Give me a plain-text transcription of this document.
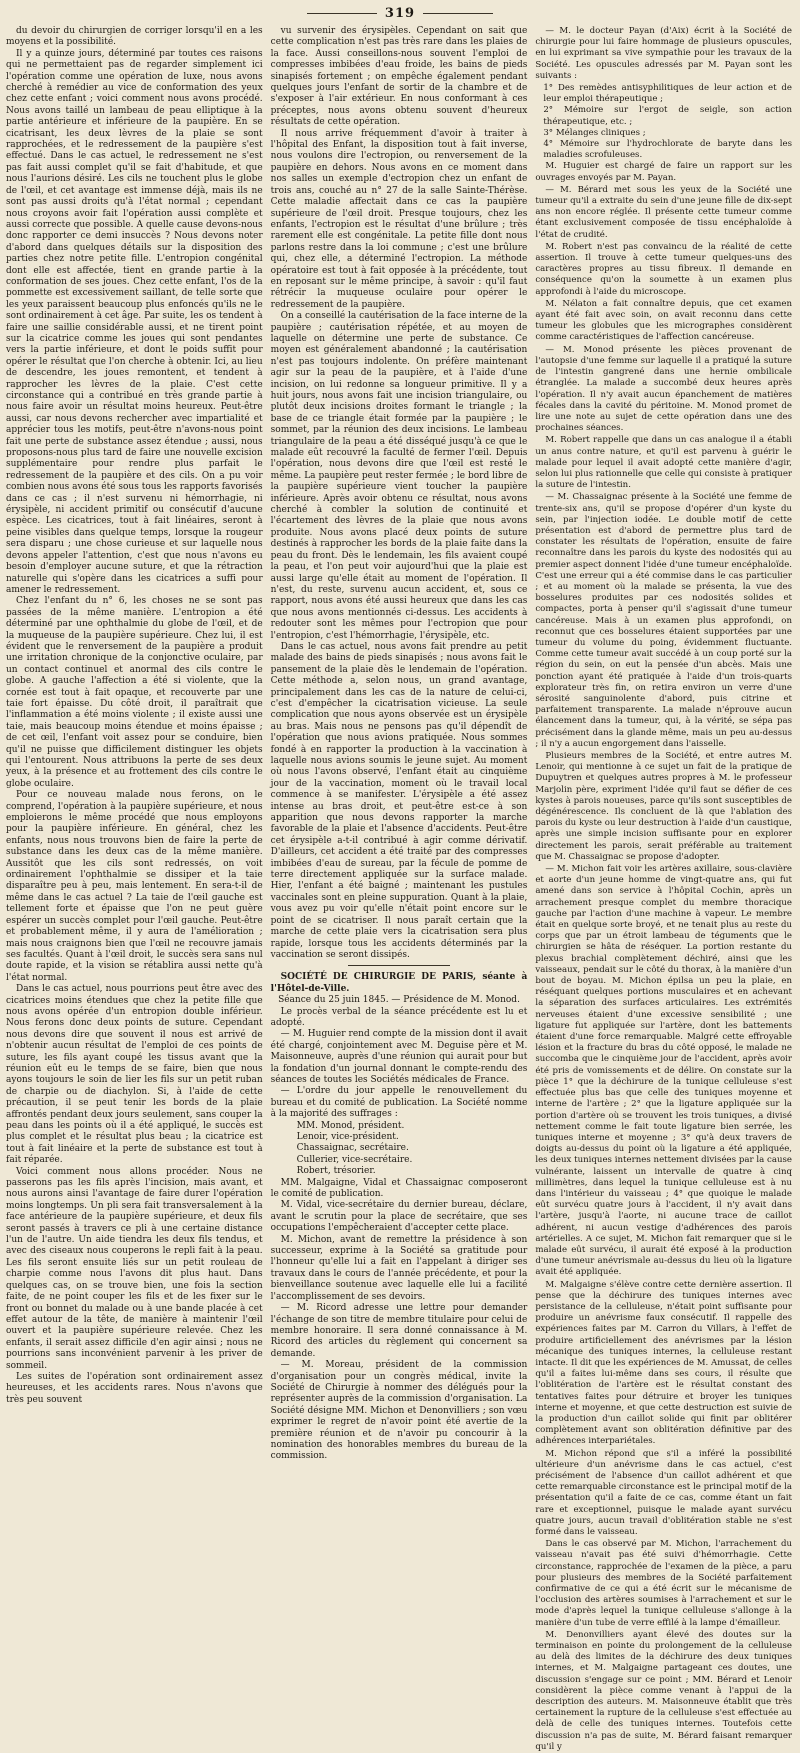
319

du devoir du chirurgien de corriger lorsqu'il en a les moyens et la possibilité.

Il y a quinze jours, déterminé par toutes ces raisons qui ne permettaient pas de regarder simplement ici l'opération comme une opération de luxe, nous avons cherché à remédier au vice de conformation des yeux chez cette enfant ; voici comment nous avons procédé. Nous avons taillé un lambeau de peau elliptique à la partie antérieure et inférieure de la paupière. En se cicatrisant, les deux lèvres de la plaie se sont rapprochées, et le redressement de la paupière s'est effectué. Dans le cas actuel, le redressement ne s'est pas fait aussi complet qu'il se fait d'habitude, et que nous l'aurions désiré. Les cils ne touchent plus le globe de l'œil, et cet avantage est immense déjà, mais ils ne sont pas aussi droits qu'à l'état normal ; cependant nous croyons avoir fait l'opération aussi complète et aussi correcte que possible. A quelle cause devons-nous donc rapporter ce demi insuccès ? Nous devons noter d'abord dans quelques détails sur la disposition des parties chez notre petite fille. L'entropion congénital dont elle est affectée, tient en grande partie à la conformation de ses joues. Chez cette enfant, l'os de la pommette est excessivement saillant, de telle sorte que les yeux paraissent beaucoup plus enfoncés qu'ils ne le sont ordinairement à cet âge. Par suite, les os tendent à faire une saillie considérable aussi, et ne tirent point sur la cicatrice comme les joues qui sont pendantes vers la partie inférieure, et dont le poids suffit pour opérer le résultat que l'on cherche à obtenir. Ici, au lieu de descendre, les joues remontent, et tendent à rapprocher les lèvres de la plaie. C'est cette circonstance qui a contribué en très grande partie à nous faire avoir un résultat moins heureux. Peut-être aussi, car nous devons rechercher avec impartialité et apprécier tous les motifs, peut-être n'avons-nous point fait une perte de substance assez étendue ; aussi, nous proposons-nous plus tard de faire une nouvelle excision supplémentaire pour rendre plus parfait le redressement de la paupière et des cils. On a pu voir combien nous avons été sous tous les rapports favorisés dans ce cas ; il n'est survenu ni hémorrhagie, ni érysipèle, ni accident primitif ou consécutif d'aucune espèce. Les cicatrices, tout à fait linéaires, seront à peine visibles dans quelque temps, lorsque la rougeur sera disparu ; une chose curieuse et sur laquelle nous devons appeler l'attention, c'est que nous n'avons eu besoin d'employer aucune suture, et que la rétraction naturelle qui s'opère dans les cicatrices a suffi pour amener le redressement.

Chez l'enfant du n° 6, les choses ne se sont pas passées de la même manière. L'entropion a été déterminé par une ophthalmie du globe de l'œil, et de la muqueuse de la paupière supérieure. Chez lui, il est évident que le renversement de la paupière a produit une irritation chronique de la conjonctive oculaire, par un contact continuel et anormal des cils contre le globe. A gauche l'affection a été si violente, que la cornée est tout à fait opaque, et recouverte par une taie fort épaisse. Du côté droit, il paraîtrait que l'inflammation a été moins violente ; il existe aussi une taie, mais beaucoup moins étendue et moins épaisse ; de cet œil, l'enfant voit assez pour se conduire, bien qu'il ne puisse que difficilement distinguer les objets qui l'entourent. Nous attribuons la perte de ses deux yeux, à la présence et au frottement des cils contre le globe oculaire.

Pour ce nouveau malade nous ferons, on le comprend, l'opération à la paupière supérieure, et nous emploierons le même procédé que nous employons pour la paupière inférieure. En général, chez les enfants, nous nous trouvons bien de faire la perte de substance dans les deux cas de la même manière. Aussitôt que les cils sont redressés, on voit ordinairement l'ophthalmie se dissiper et la taie disparaître peu à peu, mais lentement. En sera-t-il de même dans le cas actuel ? La taie de l'œil gauche est tellement forte et épaisse que l'on ne peut guère espérer un succès complet pour l'œil gauche. Peut-être et probablement même, il y aura de l'amélioration ; mais nous craignons bien que l'œil ne recouvre jamais ses facultés. Quant à l'œil droit, le succès sera sans nul doute rapide, et la vision se rétablira aussi nette qu'à l'état normal.

Dans le cas actuel, nous pourrions peut être avec des cicatrices moins étendues que chez la petite fille que nous avons opérée d'un entropion double inférieur. Nous ferons donc deux points de suture. Cependant nous devons dire que souvent il nous est arrivé de n'obtenir aucun résultat de l'emploi de ces points de suture, les fils ayant coupé les tissus avant que la réunion eût eu le temps de se faire, bien que nous ayons toujours le soin de lier les fils sur un petit ruban de charpie ou de diachylon. Si, à l'aide de cette précaution, il se peut tenir les bords de la plaie affrontés pendant deux jours seulement, sans couper la peau dans les points où il a été appliqué, le succès est plus complet et le résultat plus beau ; la cicatrice est tout à fait linéaire et la perte de substance est tout à fait réparée.

Voici comment nous allons procéder. Nous ne passerons pas les fils après l'incision, mais avant, et nous aurons ainsi l'avantage de faire durer l'opération moins longtemps. Un pli sera fait transversalement à la face antérieure de la paupière supérieure, et deux fils seront passés à travers ce pli à une certaine distance l'un de l'autre. Un aide tiendra les deux fils tendus, et avec des ciseaux nous couperons le repli fait à la peau. Les fils seront ensuite liés sur un petit rouleau de charpie comme nous l'avons dit plus haut. Dans quelques cas, on se trouve bien, une fois la section faite, de ne point couper les fils et de les fixer sur le front ou bonnet du malade ou à une bande placée à cet effet autour de la tête, de manière à maintenir l'œil ouvert et la paupière supérieure relevée. Chez les enfants, il serait assez difficile d'en agir ainsi ; nous ne pourrions sans inconvénient parvenir à les priver de sommeil.

Les suites de l'opération sont ordinairement assez heureuses, et les accidents rares. Nous n'avons que très peu souvent

vu survenir des érysipèles. Cependant on sait que cette complication n'est pas très rare dans les plaies de la face. Aussi conseillons-nous souvent l'emploi de compresses imbibées d'eau froide, les bains de pieds sinapisés fortement ; on empêche également pendant quelques jours l'enfant de sortir de la chambre et de s'exposer à l'air extérieur. En nous conformant à ces préceptes, nous avons obtenu souvent d'heureux résultats de cette opération.

Il nous arrive fréquemment d'avoir à traiter à l'hôpital des Enfant, la disposition tout à fait inverse, nous voulons dire l'ectropion, ou renversement de la paupière en dehors. Nous avons en ce moment dans nos salles un exemple d'ectropion chez un enfant de trois ans, couché au n° 27 de la salle Sainte-Thérèse. Cette maladie affectait dans ce cas la paupière supérieure de l'œil droit. Presque toujours, chez les enfants, l'ectropion est le résultat d'une brûlure ; très rarement elle est congénitale. La petite fille dont nous parlons restre dans la loi commune ; c'est une brûlure qui, chez elle, a déterminé l'ectropion. La méthode opératoire est tout à fait opposée à la précédente, tout en reposant sur le même principe, à savoir : qu'il faut rétrécir la muqueuse oculaire pour opérer le redressement de la paupière.

On a conseillé la cautérisation de la face interne de la paupière ; cautérisation répétée, et au moyen de laquelle on détermine une perte de substance. Ce moyen est généralement abandonné ; la cautérisation n'est pas toujours indolente. On préfère maintenant agir sur la peau de la paupière, et à l'aide d'une incision, on lui redonne sa longueur primitive. Il y a huit jours, nous avons fait une incision triangulaire, ou plutôt deux incisions droites formant le triangle ; la base de ce triangle était formée par la paupière ; le sommet, par la réunion des deux incisions. Le lambeau triangulaire de la peau a été disséqué jusqu'à ce que le malade eût recouvré la faculté de fermer l'œil. Depuis l'opération, nous devons dire que l'œil est resté le même. La paupière peut rester fermée ; le bord libre de la paupière supérieure vient toucher la paupière inférieure. Après avoir obtenu ce résultat, nous avons cherché à combler la solution de continuité et l'écartement des lèvres de la plaie que nous avons produite. Nous avons placé deux points de suture destinés à rapprocher les bords de la plaie faite dans la peau du front. Dès le lendemain, les fils avaient coupé la peau, et l'on peut voir aujourd'hui que la plaie est aussi large qu'elle était au moment de l'opération. Il n'est, du reste, survenu aucun accident, et, sous ce rapport, nous avons été aussi heureux que dans les cas que nous avons mentionnés ci-dessus. Les accidents à redouter sont les mêmes pour l'ectropion que pour l'entropion, c'est l'hémorrhagie, l'érysipèle, etc.

Dans le cas actuel, nous avons fait prendre au petit malade des bains de pieds sinapisés ; nous avons fait le pansement de la plaie dès le lendemain de l'opération. Cette méthode a, selon nous, un grand avantage, principalement dans les cas de la nature de celui-ci, c'est d'empêcher la cicatrisation vicieuse. La seule complication que nous ayons observée est un érysipèle au bras. Mais nous ne pensons pas qu'il dépendît de l'opération que nous avions pratiquée. Nous sommes fondé à en rapporter la production à la vaccination à laquelle nous avions soumis le jeune sujet. Au moment où nous l'avons observé, l'enfant était au cinquième jour de la vaccination, moment où le travail local commence à se manifester. L'érysipèle a été assez intense au bras droit, et peut-être est-ce à son apparition que nous devons rapporter la marche favorable de la plaie et l'absence d'accidents. Peut-être cet érysipèle a-t-il contribué à agir comme dérivatif. D'ailleurs, cet accident a été traité par des compresses imbibées d'eau de sureau, par la fécule de pomme de terre directement appliquée sur la surface malade. Hier, l'enfant a été baigné ; maintenant les pustules vaccinales sont en pleine suppuration. Quant à la plaie, vous avez pu voir qu'elle n'était point encore sur le point de se cicatriser. Il nous paraît certain que la marche de cette plaie vers la cicatrisation sera plus rapide, lorsque tous les accidents déterminés par la vaccination se seront dissipés.

SOCIÉTÉ DE CHIRURGIE DE PARIS, séante à l'Hôtel-de-Ville.

Séance du 25 juin 1845. — Présidence de M. Monod.

Le procès verbal de la séance précédente est lu et adopté.

— M. Huguier rend compte de la mission dont il avait été chargé, conjointement avec M. Deguise père et M. Maisonneuve, auprès d'une réunion qui aurait pour but la fondation d'un journal donnant le compte-rendu des séances de toutes les Sociétés médicales de France.

— L'ordre du jour appelle le renouvellement du bureau et du comité de publication. La Société nomme à la majorité des suffrages :

MM. Monod, président.

Lenoir, vice-président.

Chassaignac, secrétaire.

Cullerier, vice-secrétaire.

Robert, trésorier.

MM. Malgaigne, Vidal et Chassaignac composeront le comité de publication.

M. Vidal, vice-secrétaire du dernier bureau, déclare, avant le scrutin pour la place de secrétaire, que ses occupations l'empêcheraient d'accepter cette place.

M. Michon, avant de remettre la présidence à son successeur, exprime à la Société sa gratitude pour l'honneur qu'elle lui a fait en l'appelant à diriger ses travaux dans le cours de l'année précédente, et pour la bienveillance soutenue avec laquelle elle lui a facilité l'accomplissement de ses devoirs.

— M. Ricord adresse une lettre pour demander l'échange de son titre de membre titulaire pour celui de membre honoraire. Il sera donné connaissance à M. Ricord des articles du règlement qui concernent sa demande.

— M. Moreau, président de la commission d'organisation pour un congrès médical, invite la Société de Chirurgie à nommer des délégués pour la représenter auprès de la commission d'organisation. La Société désigne MM. Michon et Denonvilliers ; son vœu exprimer le regret de n'avoir point été avertie de la première réunion et de n'avoir pu concourir à la nomination des honorables membres du bureau de la commission.

— M. le docteur Payan (d'Aix) écrit à la Société de chirurgie pour lui faire hommage de plusieurs opuscules, en lui exprimant sa vive sympathie pour les travaux de la Société. Les opuscules adressés par M. Payan sont les suivants :

1° Des remèdes antisyphilitiques de leur action et de leur emploi thérapeutique ;
2° Mémoire sur l'ergot de seigle, son action thérapeutique, etc. ;
3° Mélanges cliniques ;
4° Mémoire sur l'hydrochlorate de baryte dans les maladies scrofuleuses.

M. Huguier est chargé de faire un rapport sur les ouvrages envoyés par M. Payan.

— M. Bérard met sous les yeux de la Société une tumeur qu'il a extraite du sein d'une jeune fille de dix-sept ans non encore réglée. Il présente cette tumeur comme étant exclusivement composée de tissu encéphaloïde à l'état de crudité.

M. Robert n'est pas convaincu de la réalité de cette assertion. Il trouve à cette tumeur quelques-uns des caractères propres au tissu fibreux. Il demande en conséquence qu'on la soumette à un examen plus approfondi à l'aide du microscope.

M. Nélaton a fait connaître depuis, que cet examen ayant été fait avec soin, on avait reconnu dans cette tumeur les globules que les micrographes considèrent comme caractéristiques de l'affection cancéreuse.

— M. Monod présente les pièces provenant de l'autopsie d'une femme sur laquelle il a pratiqué la suture de l'intestin gangrené dans une hernie ombilicale étranglée. La malade a succombé deux heures après l'opération. Il n'y avait aucun épanchement de matières fécales dans la cavité du péritoine. M. Monod promet de lire une note au sujet de cette opération dans une des prochaines séances.

M. Robert rappelle que dans un cas analogue il a établi un anus contre nature, et qu'il est parvenu à guérir le malade pour lequel il avait adopté cette manière d'agir, selon lui plus rationnelle que celle qui consiste à pratiquer la suture de l'intestin.

— M. Chassaignac présente à la Société une femme de trente-six ans, qu'il se propose d'opérer d'un kyste du sein, par l'injection iodée. Le double motif de cette présentation est d'abord de permettre plus tard de constater les résultats de l'opération, ensuite de faire reconnaître dans les parois du kyste des nodosités qui au premier aspect donnent l'idée d'une tumeur encéphaloïde. C'est une erreur qui a été commise dans le cas particulier ; et au moment où la malade se présenta, la vue des bosselures produites par ces nodosités solides et compactes, porta à penser qu'il s'agissait d'une tumeur cancéreuse. Mais à un examen plus approfondi, on reconnut que ces bosselures étaient supportées par une tumeur du volume du poing, évidemment fluctuante. Comme cette tumeur avait succédé à un coup porté sur la région du sein, on eut la pensée d'un abcès. Mais une ponction ayant été pratiquée à l'aide d'un trois-quarts explorateur très fin, on retira environ un verre d'une sérosité sanguinolente d'abord, puis citrine et parfaitement transparente. La malade n'éprouve aucun élancement dans la tumeur, qui, à la vérité, se sépa pas précisément dans la glande même, mais un peu au-dessus ; il n'y a aucun engorgement dans l'aisselle.

Plusieurs membres de la Société, et entre autres M. Lenoir, qui mentionne à ce sujet un fait de la pratique de Dupuytren et quelques autres propres à M. le professeur Marjolin père, expriment l'idée qu'il faut se défier de ces kystes à parois noueuses, parce qu'ils sont susceptibles de dégénérescence. Ils concluent de là que l'ablation des parois du kyste ou leur destruction à l'aide d'un caustique, après une simple incision suffisante pour en explorer directement les parois, serait préférable au traitement que M. Chassaignac se propose d'adopter.

— M. Michon fait voir les artères axillaire, sous-clavière et aorte d'un jeune homme de vingt-quatre ans, qui fut amené dans son service à l'hôpital Cochin, après un arrachement presque complet du membre thoracique gauche par l'action d'une machine à vapeur. Le membre était en quelque sorte broyé, et ne tenait plus au reste du corps que par un étroit lambeau de téguments que le chirurgien se hâta de réséquer. La portion restante du plexus brachial complètement déchiré, ainsi que les vaisseaux, pendait sur le côté du thorax, à la manière d'un bout de boyau. M. Michon épilsa un peu la plaie, en réséquant quelques portions musculaires et en achevant la séparation des surfaces articulaires. Les extrémités nerveuses étaient d'une excessive sensibilité ; une ligature fut appliquée sur l'artère, dont les battements étaient d'une force remarquable. Malgré cette effroyable lésion et la fracture du bras du côté opposé, le malade ne succomba que le cinquième jour de l'accident, après avoir été pris de vomissements et de délire. On constate sur la pièce 1° que la déchirure de la tunique celluleuse s'est effectuée plus bas que celle des tuniques moyenne et interne de l'artère ; 2° que la ligature appliquée sur la portion d'artère où se trouvent les trois tuniques, a divisé nettement comme le fait toute ligature bien serrée, les tuniques interne et moyenne ; 3° qu'à deux travers de doigts au-dessus du point où la ligature a été appliquée, les deux tuniques internes nettement divisées par la cause vulnérante, laissent un intervalle de quatre à cinq millimètres, dans lequel la tunique celluleuse est à nu dans l'intérieur du vaisseau ; 4° que quoique le malade eût survécu quatre jours à l'accident, il n'y avait dans l'artère, jusqu'à l'aorte, ni aucune trace de caillot adhérent, ni aucun vestige d'adhérences des parois artérielles. A ce sujet, M. Michon fait remarquer que si le malade eût survécu, il aurait été exposé à la production d'une tumeur anévrismale au-dessus du lieu où la ligature avait été appliquée.

M. Malgaigne s'élève contre cette dernière assertion. Il pense que la déchirure des tuniques internes avec persistance de la celluleuse, n'était point suffisante pour produire un anévrisme faux consécutif. Il rappelle des expériences faites par M. Carron du Villars, à l'effet de produire artificiellement des anévrismes par la lésion mécanique des tuniques internes, la celluleuse restant intacte. Il dit que les expériences de M. Amussat, de celles qu'il a faites lui-même dans ses cours, il résulte que l'oblitération de l'artère est le résultat constant des tentatives faites pour détruire et broyer les tuniques interne et moyenne, et que cette destruction est suivie de la production d'un caillot solide qui finit par oblitérer complètement avant son oblitération définitive par des adhérences interpariétales.

M. Michon répond que s'il a inféré la possibilité ultérieure d'un anévrisme dans le cas actuel, c'est précisément de l'absence d'un caillot adhérent et que cette remarquable circonstance est le principal motif de la présentation qu'il a faite de ce cas, comme étant un fait rare et exceptionnel, puisque le malade ayant survécu quatre jours, aucun travail d'oblitération stable ne s'est formé dans le vaisseau.

Dans le cas observé par M. Michon, l'arrachement du vaisseau n'avait pas été suivi d'hémorrhagie. Cette circonstance, rapprochée de l'examen de la pièce, a paru pour plusieurs des membres de la Société parfaitement confirmative de ce qui a été écrit sur le mécanisme de l'occlusion des artères soumises à l'arrachement et sur le mode d'après lequel la tunique celluleuse s'allonge à la manière d'un tube de verre effilé à la lampe d'émailleur.

M. Denonvilliers ayant élevé des doutes sur la terminaison en pointe du prolongement de la celluleuse au delà des limites de la déchirure des deux tuniques internes, et M. Malgaigne partageant ces doutes, une discussion s'engage sur ce point ; MM. Bérard et Lenoir considèrent la pièce comme venant à l'appui de la description des auteurs. M. Maisonneuve établit que très certainement la rupture de la celluleuse s'est effectuée au delà de celle des tuniques internes. Toutefois cette discussion n'a pas de suite, M. Bérard faisant remarquer qu'il y
